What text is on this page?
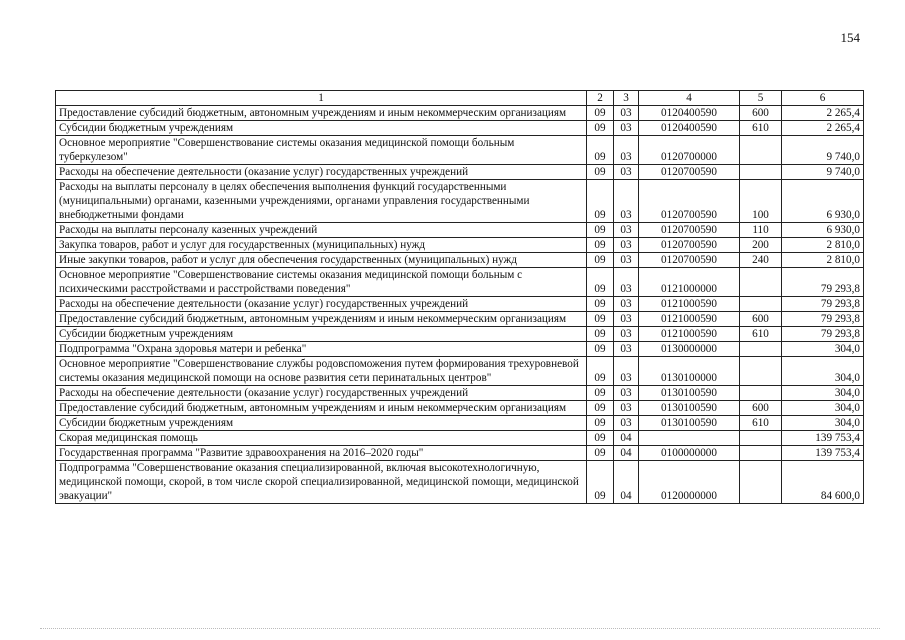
154
1	2	3	4	5	6
Предоставление субсидий бюджетным, автономным учреждениям и иным некоммерческим организациям	09	03	0120400590	600	2 265,4
Субсидии бюджетным учреждениям	09	03	0120400590	610	2 265,4
Основное мероприятие "Совершенствование системы оказания медицинской помощи больным туберкулезом"	09	03	0120700000		9 740,0
Расходы на обеспечение деятельности (оказание услуг) государственных учреждений	09	03	0120700590		9 740,0
Расходы на выплаты персоналу в целях обеспечения выполнения функций государственными (муниципальными) органами, казенными учреждениями, органами управления государственными внебюджетными фондами	09	03	0120700590	100	6 930,0
Расходы на выплаты персоналу казенных учреждений	09	03	0120700590	110	6 930,0
Закупка товаров, работ и услуг для государственных (муниципальных) нужд	09	03	0120700590	200	2 810,0
Иные закупки товаров, работ и услуг для обеспечения государственных (муниципальных) нужд	09	03	0120700590	240	2 810,0
Основное мероприятие "Совершенствование системы оказания медицинской помощи больным с психическими расстройствами и расстройствами поведения"	09	03	0121000000		79 293,8
Расходы на обеспечение деятельности (оказание услуг) государственных учреждений	09	03	0121000590		79 293,8
Предоставление субсидий бюджетным, автономным учреждениям и иным некоммерческим организациям	09	03	0121000590	600	79 293,8
Субсидии бюджетным учреждениям	09	03	0121000590	610	79 293,8
Подпрограмма "Охрана здоровья матери и ребенка"	09	03	0130000000		304,0
Основное мероприятие "Совершенствование службы родовспоможения путем формирования трехуровневой системы оказания медицинской помощи на основе развития сети перинатальных центров"	09	03	0130100000		304,0
Расходы на обеспечение деятельности (оказание услуг) государственных учреждений	09	03	0130100590		304,0
Предоставление субсидий бюджетным, автономным учреждениям и иным некоммерческим организациям	09	03	0130100590	600	304,0
Субсидии бюджетным учреждениям	09	03	0130100590	610	304,0
Скорая медицинская помощь	09	04			139 753,4
Государственная программа "Развитие здравоохранения на 2016–2020 годы"	09	04	0100000000		139 753,4
Подпрограмма "Совершенствование оказания специализированной, включая высокотехнологичную, медицинской помощи, скорой, в том числе скорой специализированной, медицинской помощи, медицинской эвакуации"	09	04	0120000000		84 600,0
